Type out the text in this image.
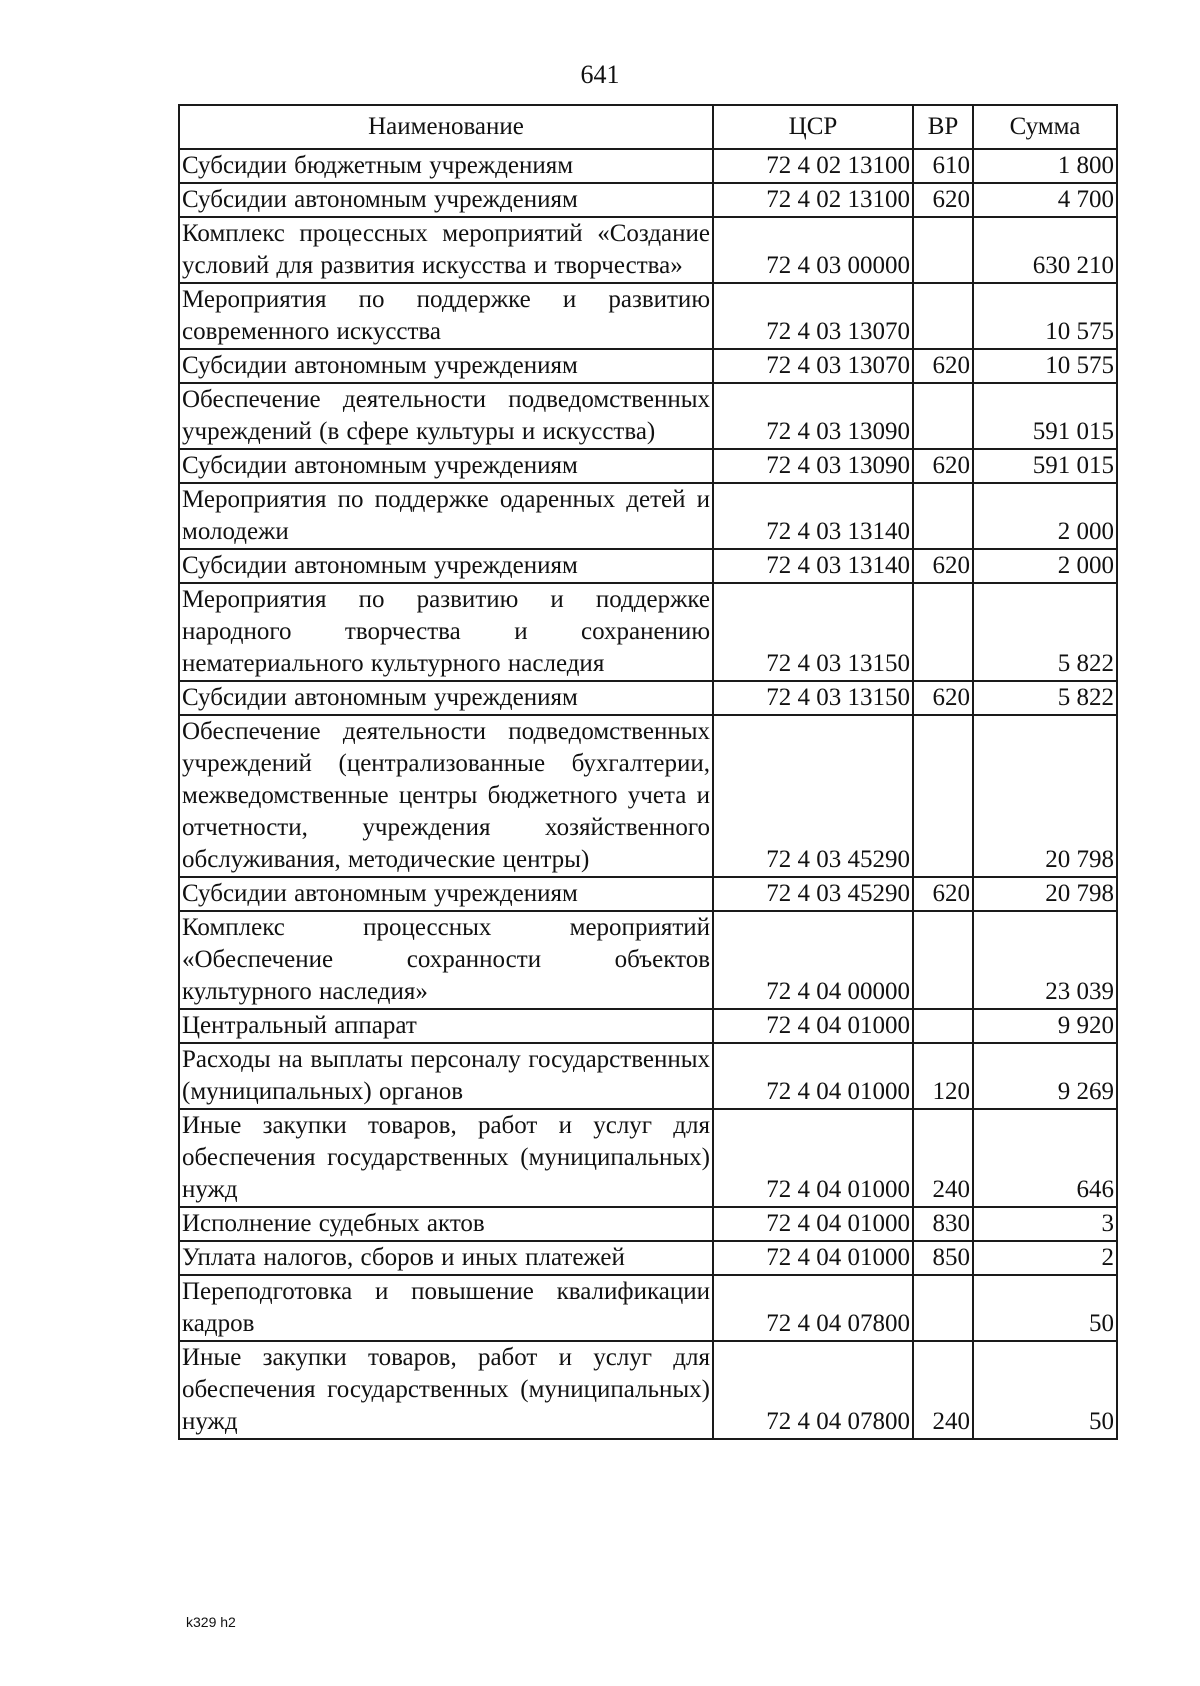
641
Наименование	ЦСР	ВР	Сумма
Субсидии бюджетным учреждениям	72 4 02 13100	610	1 800
Субсидии автономным учреждениям	72 4 02 13100	620	4 700
Комплекс процессных мероприятий «Создание условий для развития искусства и творчества»	72 4 03 00000		630 210
Мероприятия по поддержке и развитию современного искусства	72 4 03 13070		10 575
Субсидии автономным учреждениям	72 4 03 13070	620	10 575
Обеспечение деятельности подведомственных учреждений (в сфере культуры и искусства)	72 4 03 13090		591 015
Субсидии автономным учреждениям	72 4 03 13090	620	591 015
Мероприятия по поддержке одаренных детей и молодежи	72 4 03 13140		2 000
Субсидии автономным учреждениям	72 4 03 13140	620	2 000
Мероприятия по развитию и поддержке народного творчества и сохранению нематериального культурного наследия	72 4 03 13150		5 822
Субсидии автономным учреждениям	72 4 03 13150	620	5 822
Обеспечение деятельности подведомственных учреждений (централизованные бухгалтерии, межведомственные центры бюджетного учета и отчетности, учреждения хозяйственного обслуживания, методические центры)	72 4 03 45290		20 798
Субсидии автономным учреждениям	72 4 03 45290	620	20 798
Комплекс процессных мероприятий «Обеспечение сохранности объектов культурного наследия»	72 4 04 00000		23 039
Центральный аппарат	72 4 04 01000		9 920
Расходы на выплаты персоналу государственных (муниципальных) органов	72 4 04 01000	120	9 269
Иные закупки товаров, работ и услуг для обеспечения государственных (муниципальных) нужд	72 4 04 01000	240	646
Исполнение судебных актов	72 4 04 01000	830	3
Уплата налогов, сборов и иных платежей	72 4 04 01000	850	2
Переподготовка и повышение квалификации кадров	72 4 04 07800		50
Иные закупки товаров, работ и услуг для обеспечения государственных (муниципальных) нужд	72 4 04 07800	240	50
k329 h2
